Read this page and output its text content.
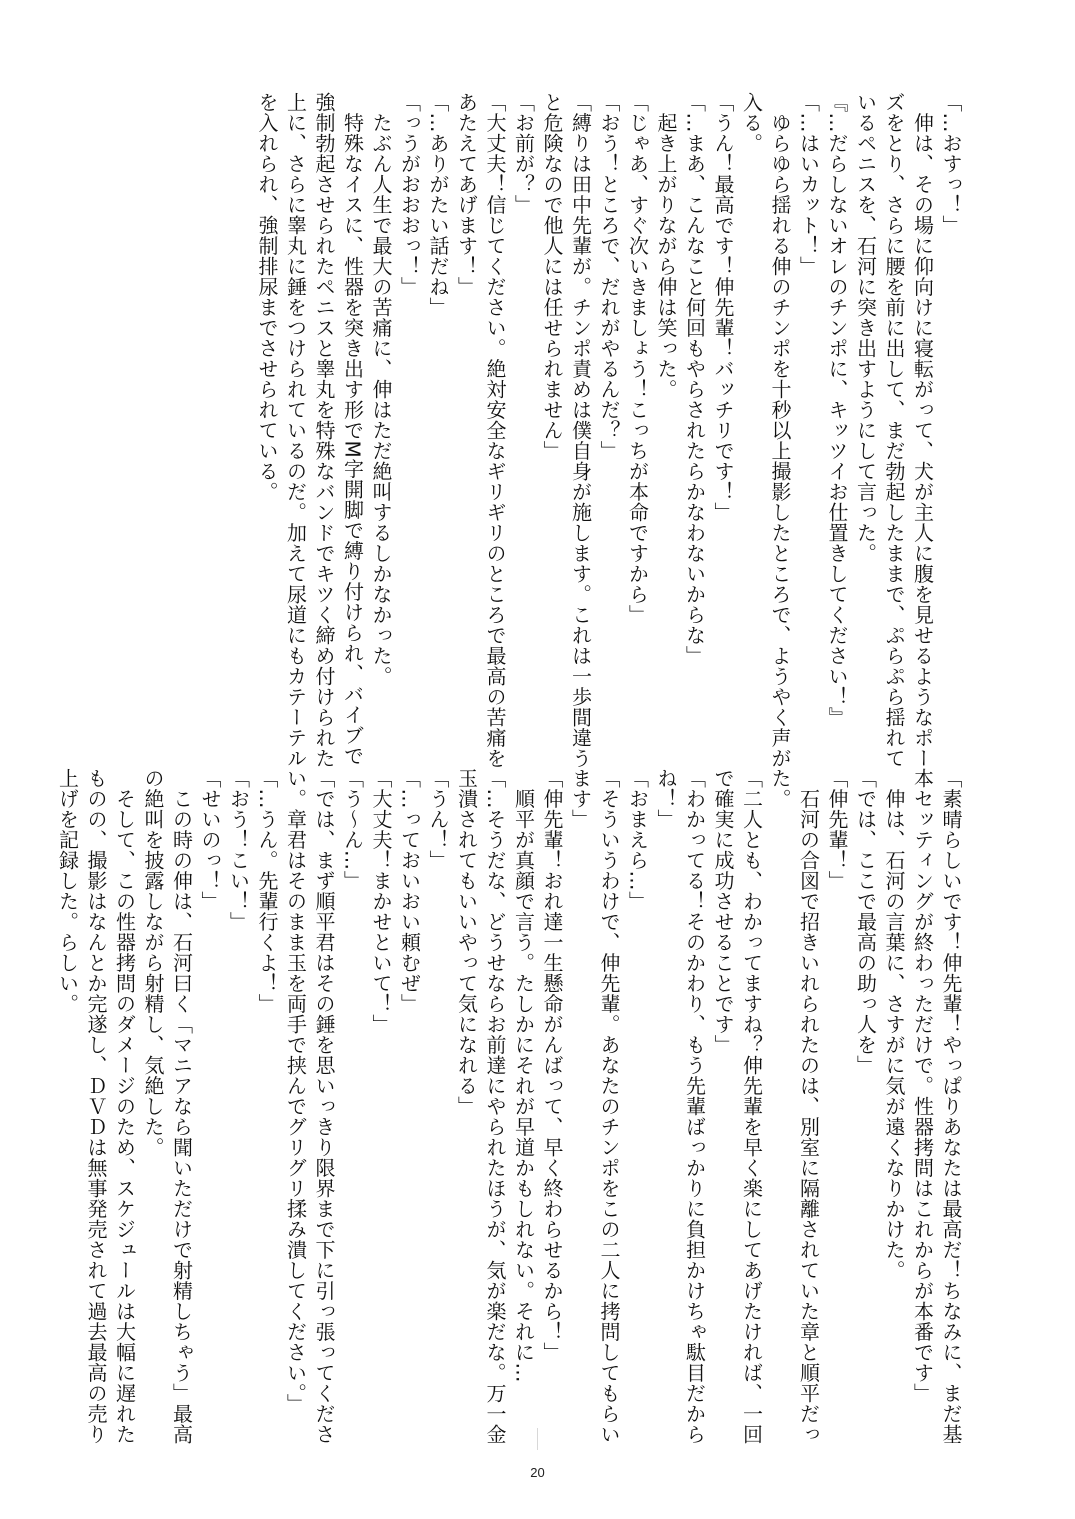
「…おすっ！」
　伸は、その場に仰向けに寝転がって、犬が主人に腹を見せるようなポー
ズをとり、さらに腰を前に出して、まだ勃起したままで、ぷらぷら揺れて
いるペニスを、石河に突き出すようにして言った。
『…だらしないオレのチンポに、キッツイお仕置きしてください！』
「…はいカット！」
　ゆらゆら揺れる伸のチンポを十秒以上撮影したところで、ようやく声が
入る。
「うん！最高です！伸先輩！バッチリです！」
「…まあ、こんなこと何回もやらされたらかなわないからな」
　起き上がりながら伸は笑った。
「じゃあ、すぐ次いきましょう！こっちが本命ですから」
「おう！ところで、だれがやるんだ？」
「縛りは田中先輩が。チンポ責めは僕自身が施します。これは一歩間違う
と危険なので他人には任せられません」
「お前が？」
「大丈夫！信じてください。絶対安全なギリギリのところで最高の苦痛を
あたえてあげます！」
「…ありがたい話だね」
「っうがおおおっ！」
　たぶん人生で最大の苦痛に、伸はただ絶叫するしかなかった。
　特殊なイスに、性器を突き出す形でM字開脚で縛り付けられ、バイブで
強制勃起させられたペニスと睾丸を特殊なバンドでキツく締め付けられた
上に、さらに睾丸に錘をつけられているのだ。加えて尿道にもカテーテル
を入れられ、強制排尿までさせられている。
「素晴らしいです！伸先輩！やっぱりあなたは最高だ！ちなみに、まだ基
本セッティングが終わっただけで。性器拷問はこれからが本番です」
　伸は、石河の言葉に、さすがに気が遠くなりかけた。
「では、ここで最高の助っ人を」
「伸先輩！」
　石河の合図で招きいれられたのは、別室に隔離されていた章と順平だっ
た。
「二人とも、わかってますね？伸先輩を早く楽にしてあげたければ、一回
で確実に成功させることです」
「わかってる！そのかわり、もう先輩ばっかりに負担かけちゃ駄目だから
ね！」
「おまえら…」
「そういうわけで、伸先輩。あなたのチンポをこの二人に拷問してもらい
ます」
「伸先輩！おれ達一生懸命がんばって、早く終わらせるから！」
　順平が真顔で言う。たしかにそれが早道かもしれない。それに…
「…そうだな、どうせならお前達にやられたほうが、気が楽だな。万一金
玉潰されてもいいやって気になれる」
「うん！」
「…っておいおい頼むぜ」
「大丈夫！まかせといて！」
「う〜ん…」
「では、まず順平君はその錘を思いっきり限界まで下に引っ張ってくださ
い。章君はそのまま玉を両手で挟んでグリグリ揉み潰してください。」
「…うん。先輩行くよ！」
「おう！こい！」
「せいのっ！」
　この時の伸は、石河曰く「マニアなら聞いただけで射精しちゃう」最高
の絶叫を披露しながら射精し、気絶した。
　そして、この性器拷問のダメージのため、スケジュールは大幅に遅れた
ものの、撮影はなんとか完遂し、ＤＶＤは無事発売されて過去最高の売り
上げを記録した。らしい。
20
